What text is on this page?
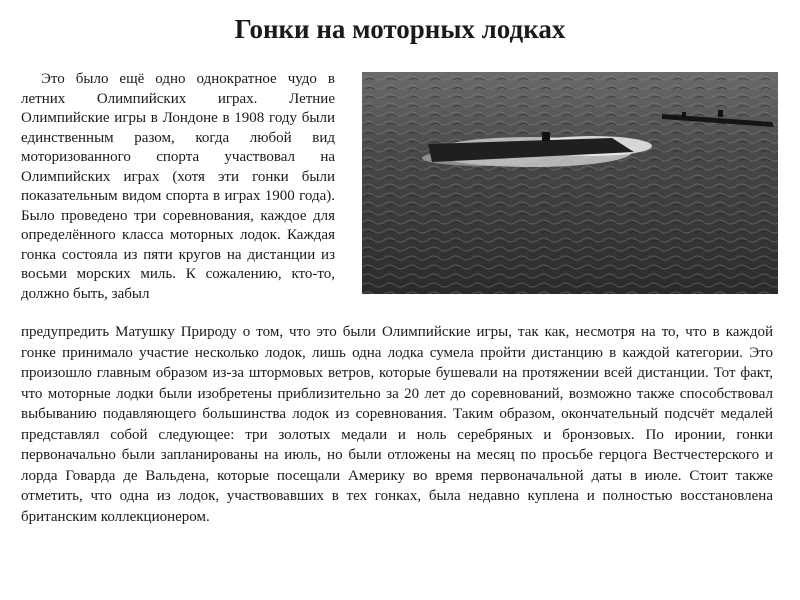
Гонки на моторных лодках

Это было ещё одно однократное чудо в летних Олимпийских играх. Летние Олимпийские игры в Лондоне в 1908 году были единственным разом, когда любой вид моторизованного спорта участвовал на Олимпийских играх (хотя эти гонки были показательным видом спорта в играх 1900 года). Было проведено три соревнования, каждое для определённого класса моторных лодок. Каждая гонка состояла из пяти кругов на дистанции из восьми морских миль. К сожалению, кто-то, должно быть, забыл

предупредить Матушку Природу о том, что это были Олимпийские игры, так как, несмотря на то, что в каждой гонке принимало участие несколько лодок, лишь одна лодка сумела пройти дистанцию в каждой категории. Это произошло главным образом из-за штормовых ветров, которые бушевали на протяжении всей дистанции. Тот факт, что моторные лодки были изобретены приблизительно за 20 лет до соревнований, возможно также способствовал выбыванию подавляющего большинства лодок из соревнования. Таким образом, окончательный подсчёт медалей представлял собой следующее: три золотых медали и ноль серебряных и бронзовых. По иронии, гонки первоначально были запланированы на июль, но были отложены на месяц по просьбе герцога Вестчестерского и лорда Говарда де Вальдена, которые посещали Америку во время первоначальной даты в июле. Стоит также отметить, что одна из лодок, участвовавших в тех гонках, была недавно куплена и полностью восстановлена британским коллекционером.
